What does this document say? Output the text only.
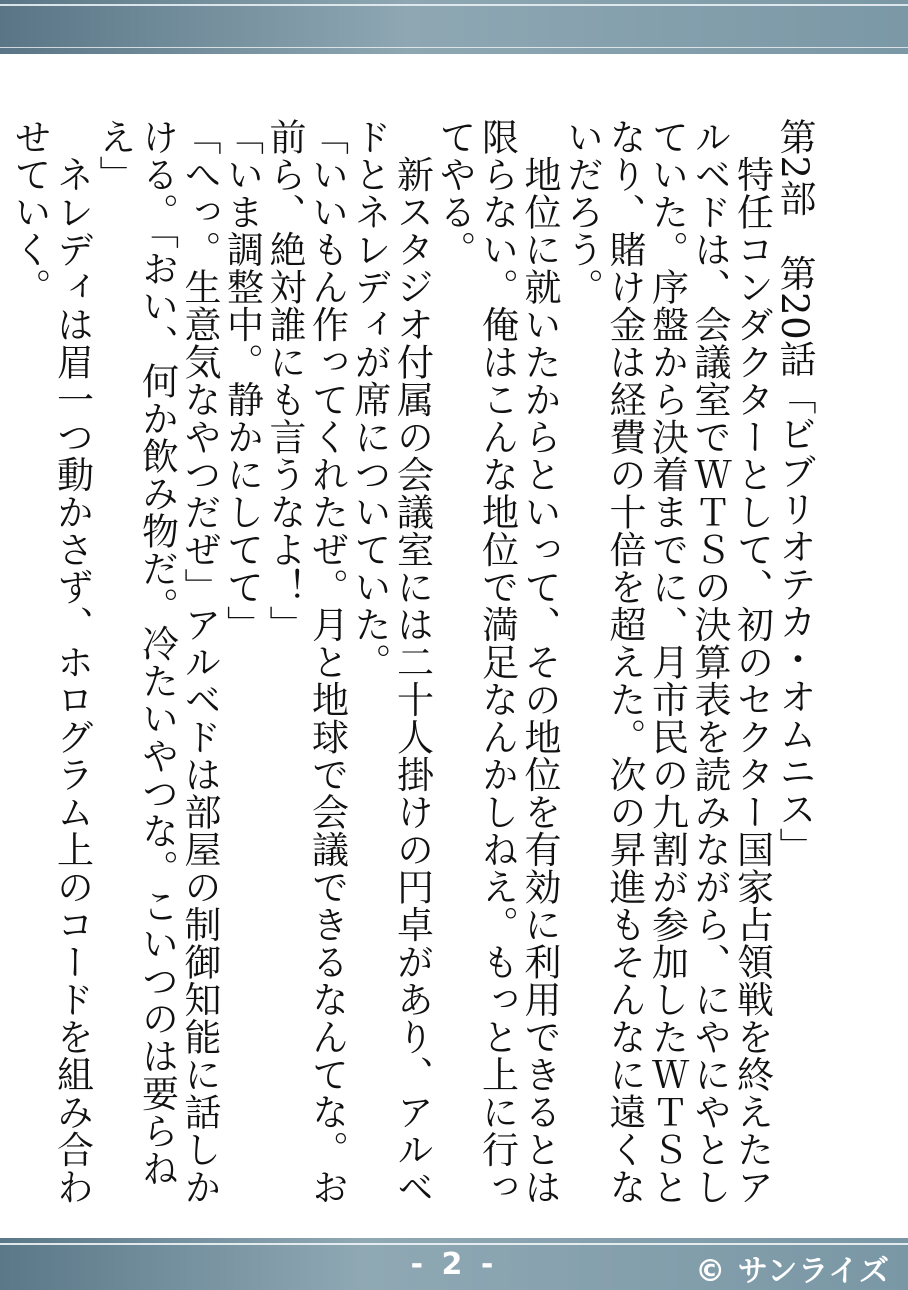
第2部　第20話「ビブリオテカ・オムニス」

　特任コンダクターとして、初のセクター国家占領戦を終えたアルベドは、会議室でＷＴＳの決算表を読みながら、にやにやとしていた。序盤から決着までに、月市民の九割が参加したＷＴＳとなり、賭け金は経費の十倍を超えた。次の昇進もそんなに遠くないだろう。

　地位に就いたからといって、その地位を有効に利用できるとは限らない。俺はこんな地位で満足なんかしねえ。もっと上に行ってやる。

　新スタジオ付属の会議室には二十人掛けの円卓があり、アルベドとネレディが席についていた。

「いいもん作ってくれたぜ。月と地球で会議できるなんてな。お前ら、絶対誰にも言うなよ！」

「いま調整中。静かにしてて」

「へっ。生意気なやつだぜ」アルベドは部屋の制御知能に話しかける。「おい、何か飲み物だ。冷たいやつな。こいつのは要らねえ」

　ネレディは眉一つ動かさず、ホログラム上のコードを組み合わせていく。

- 2 -	© サンライズ
